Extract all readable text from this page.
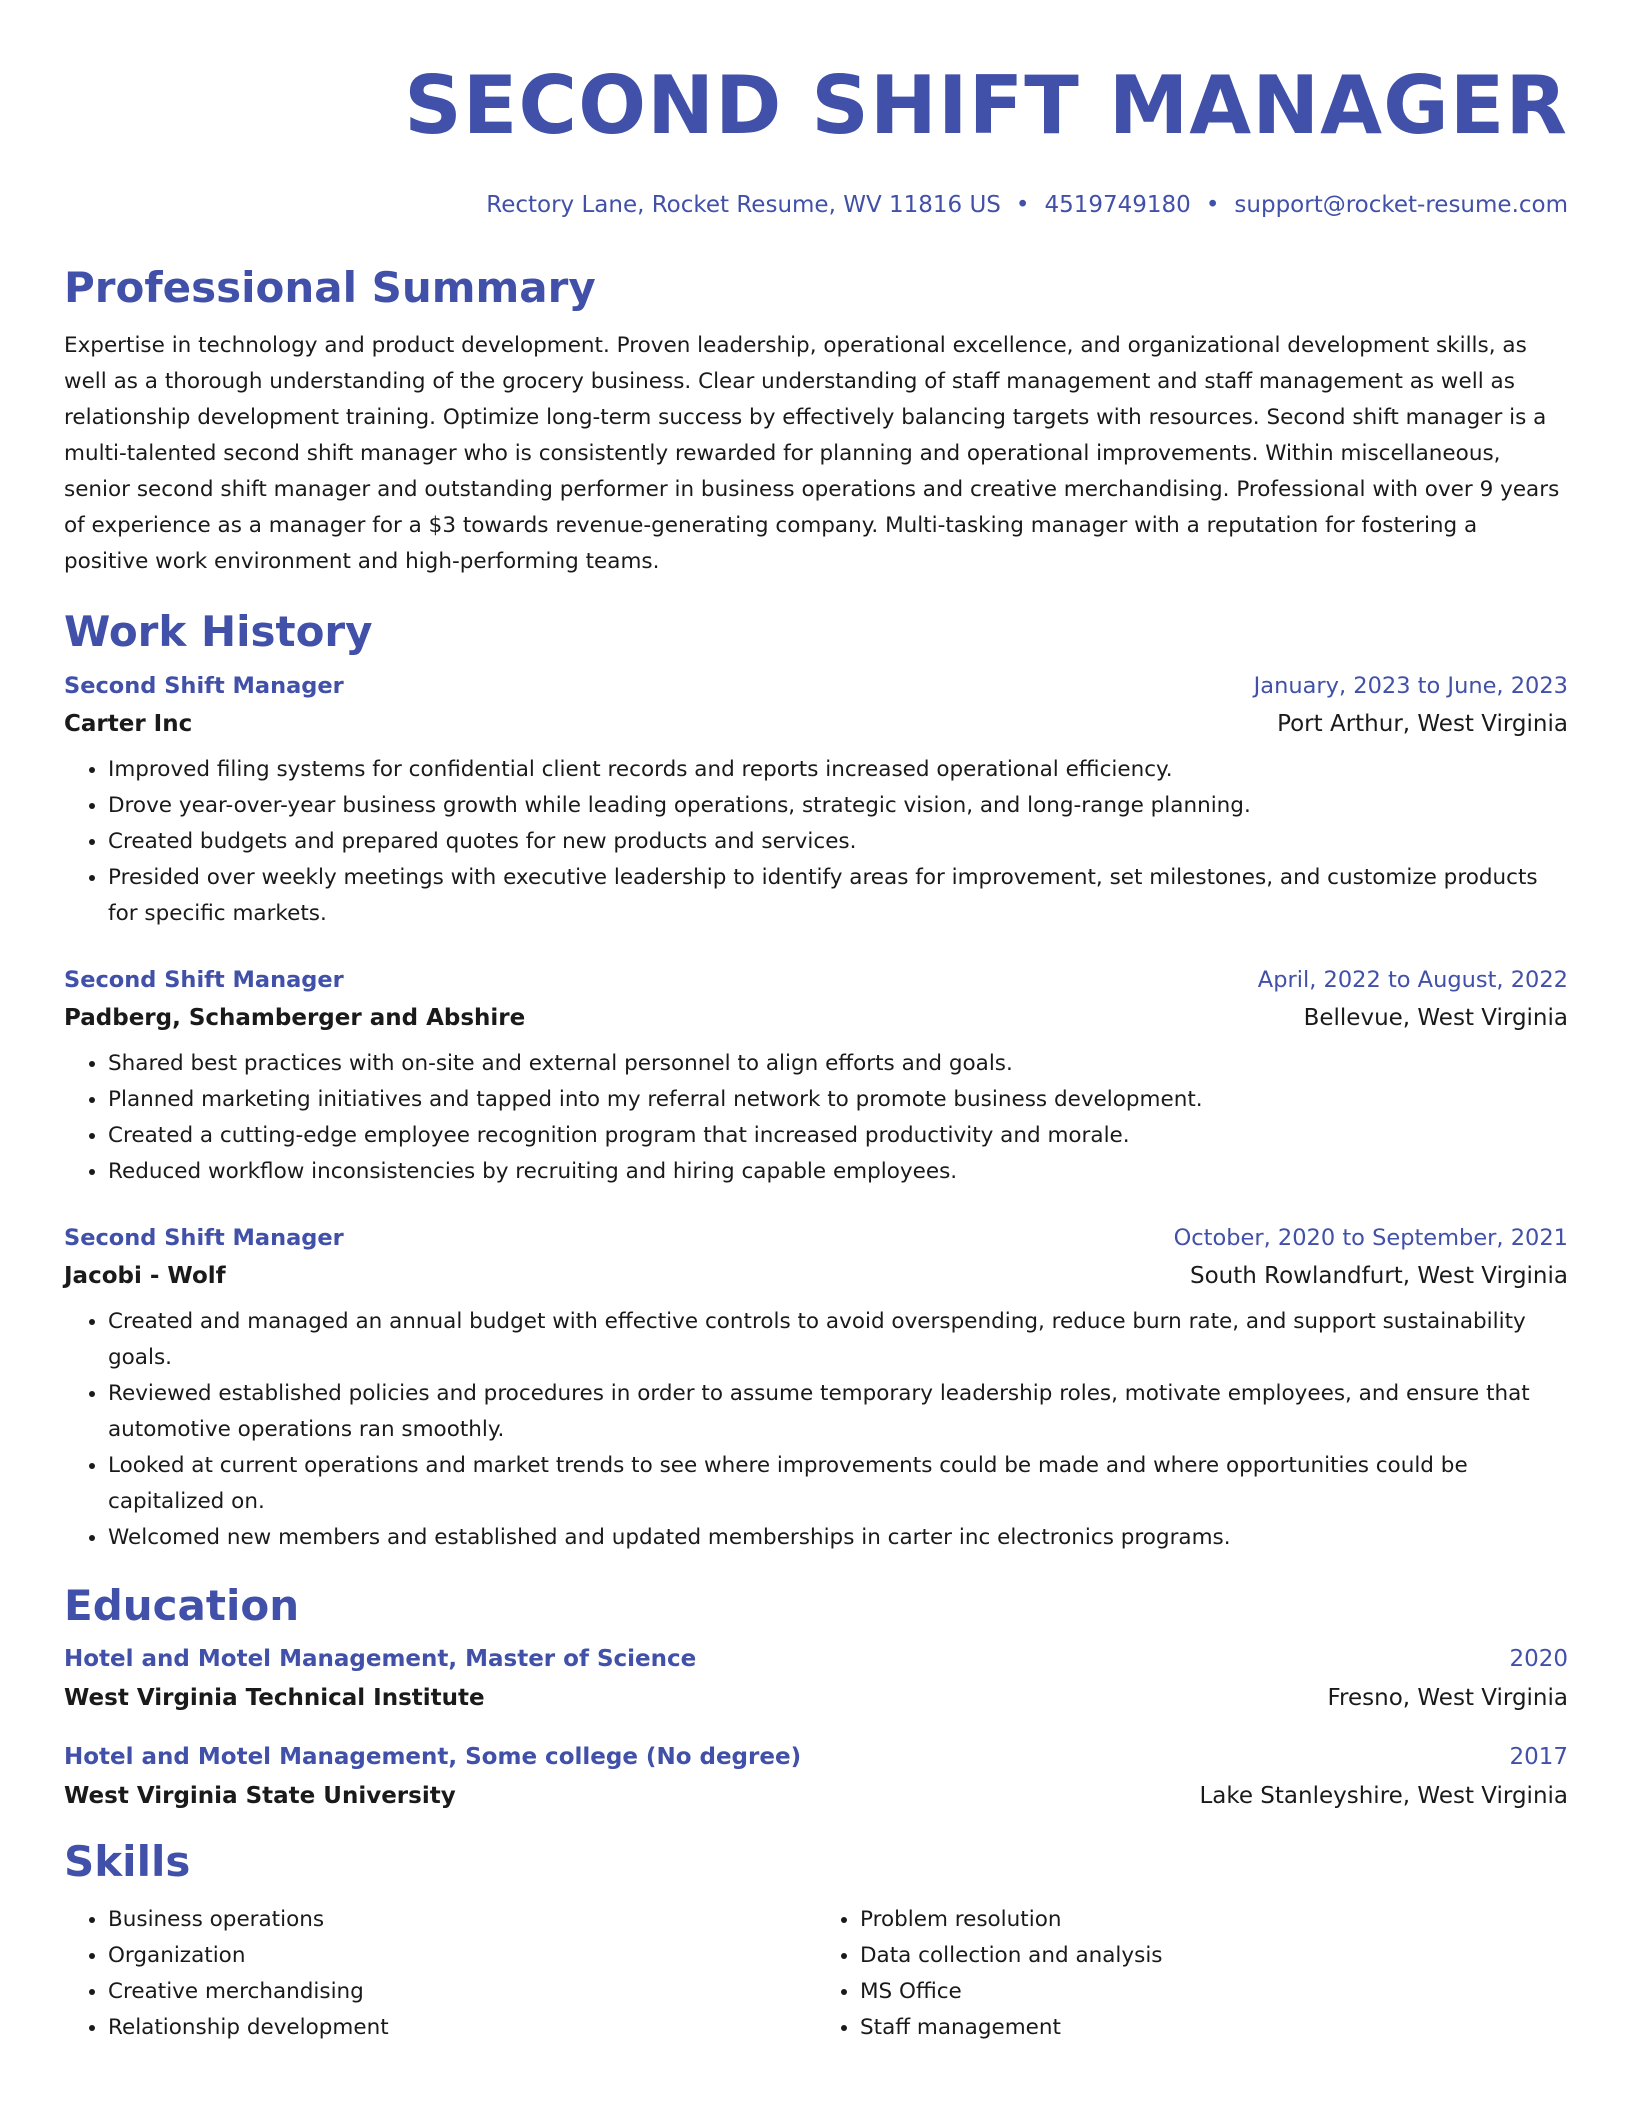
SECOND SHIFT MANAGER
Rectory Lane, Rocket Resume, WV 11816 US • 4519749180 • support@rocket-resume.com
Professional Summary
Expertise in technology and product development. Proven leadership, operational excellence, and organizational development skills, as well as a thorough understanding of the grocery business. Clear understanding of staff management and staff management as well as relationship development training. Optimize long-term success by effectively balancing targets with resources. Second shift manager is a multi-talented second shift manager who is consistently rewarded for planning and operational improvements. Within miscellaneous, senior second shift manager and outstanding performer in business operations and creative merchandising. Professional with over 9 years of experience as a manager for a $3 towards revenue-generating company. Multi-tasking manager with a reputation for fostering a positive work environment and high-performing teams.
Work History
Second Shift Manager	January, 2023 to June, 2023
Carter Inc	Port Arthur, West Virginia
• Improved filing systems for confidential client records and reports increased operational efficiency.
• Drove year-over-year business growth while leading operations, strategic vision, and long-range planning.
• Created budgets and prepared quotes for new products and services.
• Presided over weekly meetings with executive leadership to identify areas for improvement, set milestones, and customize products for specific markets.
Second Shift Manager	April, 2022 to August, 2022
Padberg, Schamberger and Abshire	Bellevue, West Virginia
• Shared best practices with on-site and external personnel to align efforts and goals.
• Planned marketing initiatives and tapped into my referral network to promote business development.
• Created a cutting-edge employee recognition program that increased productivity and morale.
• Reduced workflow inconsistencies by recruiting and hiring capable employees.
Second Shift Manager	October, 2020 to September, 2021
Jacobi - Wolf	South Rowlandfurt, West Virginia
• Created and managed an annual budget with effective controls to avoid overspending, reduce burn rate, and support sustainability goals.
• Reviewed established policies and procedures in order to assume temporary leadership roles, motivate employees, and ensure that automotive operations ran smoothly.
• Looked at current operations and market trends to see where improvements could be made and where opportunities could be capitalized on.
• Welcomed new members and established and updated memberships in carter inc electronics programs.
Education
Hotel and Motel Management, Master of Science	2020
West Virginia Technical Institute	Fresno, West Virginia
Hotel and Motel Management, Some college (No degree)	2017
West Virginia State University	Lake Stanleyshire, West Virginia
Skills
• Business operations
• Organization
• Creative merchandising
• Relationship development
• Problem resolution
• Data collection and analysis
• MS Office
• Staff management
